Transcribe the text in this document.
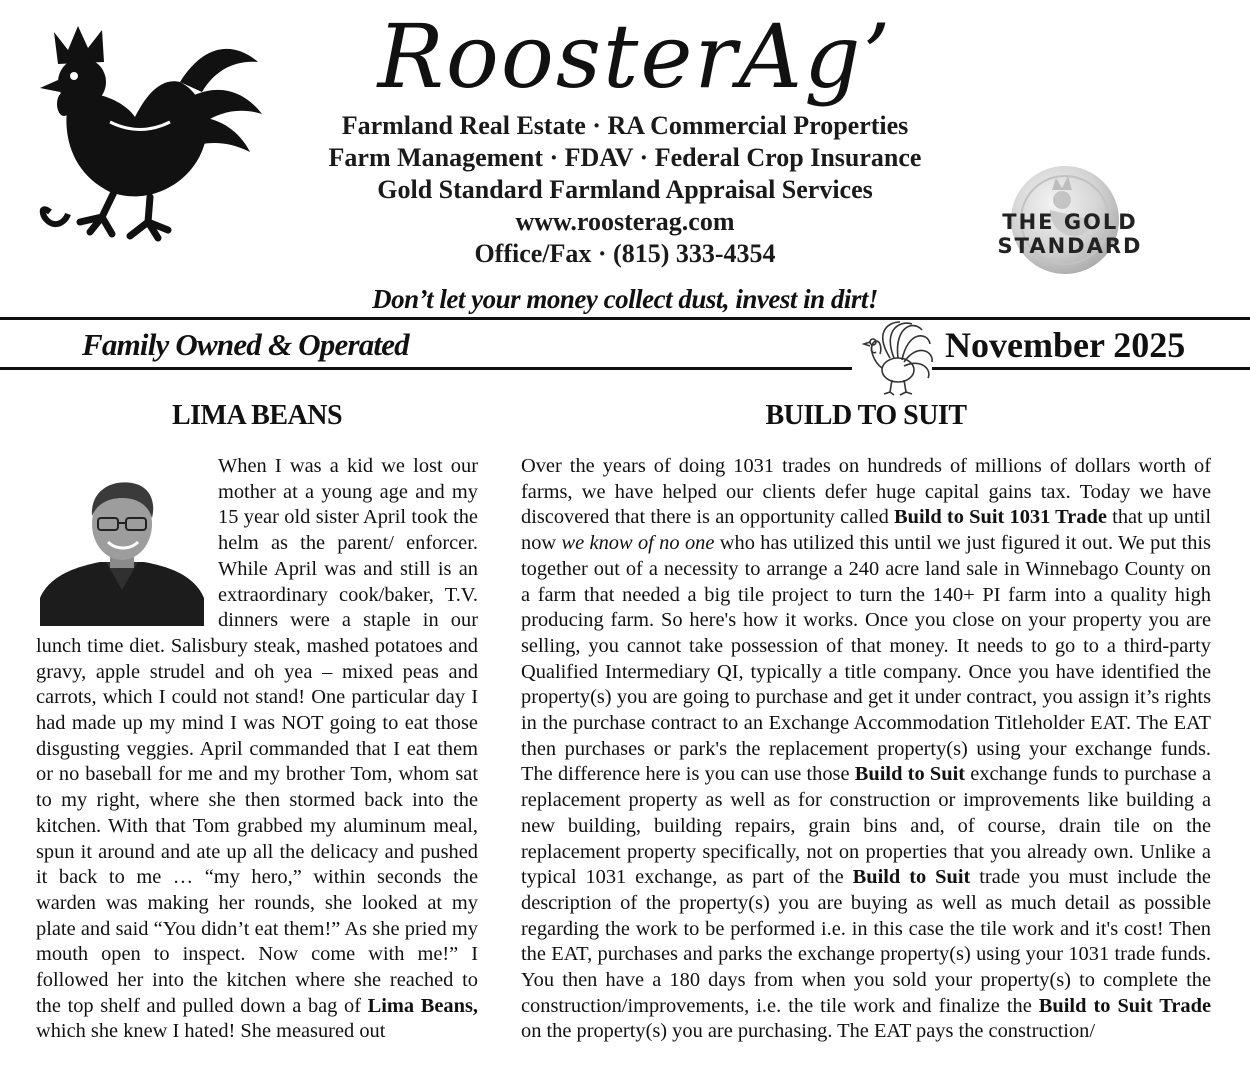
RoosterAg’
Farmland Real Estate · RA Commercial Properties
Farm Management · FDAV · Federal Crop Insurance
Gold Standard Farmland Appraisal Services
www.roosterag.com
Office/Fax · (815) 333-4354
THE GOLD STANDARD
Don’t let your money collect dust, invest in dirt!
Family Owned & Operated	November 2025
LIMA BEANS	BUILD TO SUIT
When I was a kid we lost our mother at a young age and my 15 year old sister April took the helm as the parent/ enforcer. While April was and still is an extraordinary cook/baker, T.V. dinners were a staple in our lunch time diet. Salisbury steak, mashed potatoes and gravy, apple strudel and oh yea – mixed peas and carrots, which I could not stand! One particular day I had made up my mind I was NOT going to eat those disgusting veggies. April commanded that I eat them or no baseball for me and my brother Tom, whom sat to my right, where she then stormed back into the kitchen. With that Tom grabbed my aluminum meal, spun it around and ate up all the delicacy and pushed it back to me … “my hero,” within seconds the warden was making her rounds, she looked at my plate and said “You didn’t eat them!” As she pried my mouth open to inspect. Now come with me!” I followed her into the kitchen where she reached to the top shelf and pulled down a bag of Lima Beans, which she knew I hated! She measured out
Over the years of doing 1031 trades on hundreds of millions of dollars worth of farms, we have helped our clients defer huge capital gains tax. Today we have discovered that there is an opportunity called Build to Suit 1031 Trade that up until now we know of no one who has utilized this until we just figured it out. We put this together out of a necessity to arrange a 240 acre land sale in Winnebago County on a farm that needed a big tile project to turn the 140+ PI farm into a quality high producing farm. So here's how it works. Once you close on your property you are selling, you cannot take possession of that money. It needs to go to a third-party Qualified Intermediary QI, typically a title company. Once you have identified the property(s) you are going to purchase and get it under contract, you assign it’s rights in the purchase contract to an Exchange Accommodation Titleholder EAT. The EAT then purchases or park's the replacement property(s) using your exchange funds. The difference here is you can use those Build to Suit exchange funds to purchase a replacement property as well as for construction or improvements like building a new building, building repairs, grain bins and, of course, drain tile on the replacement property specifically, not on properties that you already own. Unlike a typical 1031 exchange, as part of the Build to Suit trade you must include the description of the property(s) you are buying as well as much detail as possible regarding the work to be performed i.e. in this case the tile work and it's cost! Then the EAT, purchases and parks the exchange property(s) using your 1031 trade funds. You then have a 180 days from when you sold your property(s) to complete the construction/improvements, i.e. the tile work and finalize the Build to Suit Trade on the property(s) you are purchasing. The EAT pays the construction/
